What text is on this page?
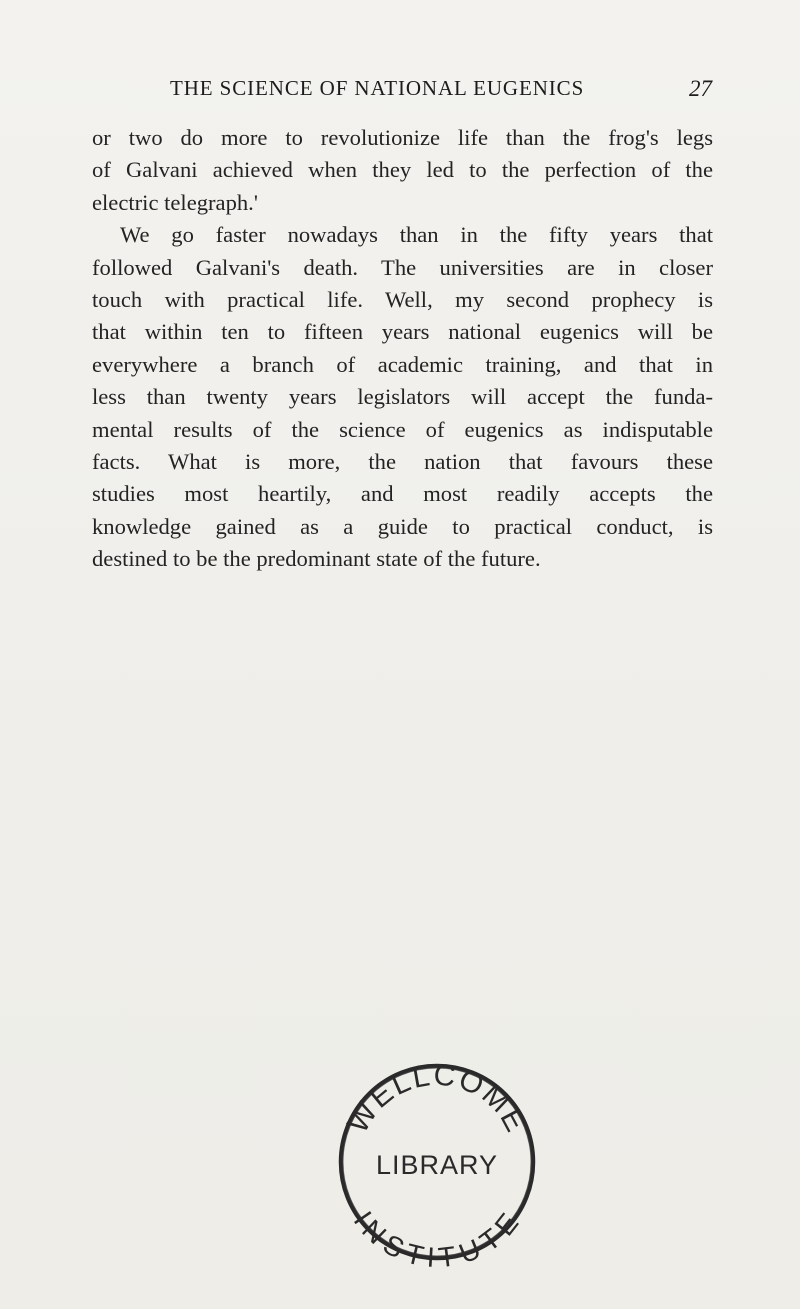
THE SCIENCE OF NATIONAL EUGENICS	27
or two do more to revolutionize life than the frog's legs
of Galvani achieved when they led to the perfection of the
electric telegraph.'
We go faster nowadays than in the fifty years that
followed Galvani's death. The universities are in closer
touch with practical life. Well, my second prophecy is
that within ten to fifteen years national eugenics will be
everywhere a branch of academic training, and that in
less than twenty years legislators will accept the funda-
mental results of the science of eugenics as indisputable
facts. What is more, the nation that favours these
studies most heartily, and most readily accepts the
knowledge gained as a guide to practical conduct, is
destined to be the predominant state of the future.
WELLCOME
LIBRARY
INSTITUTE
